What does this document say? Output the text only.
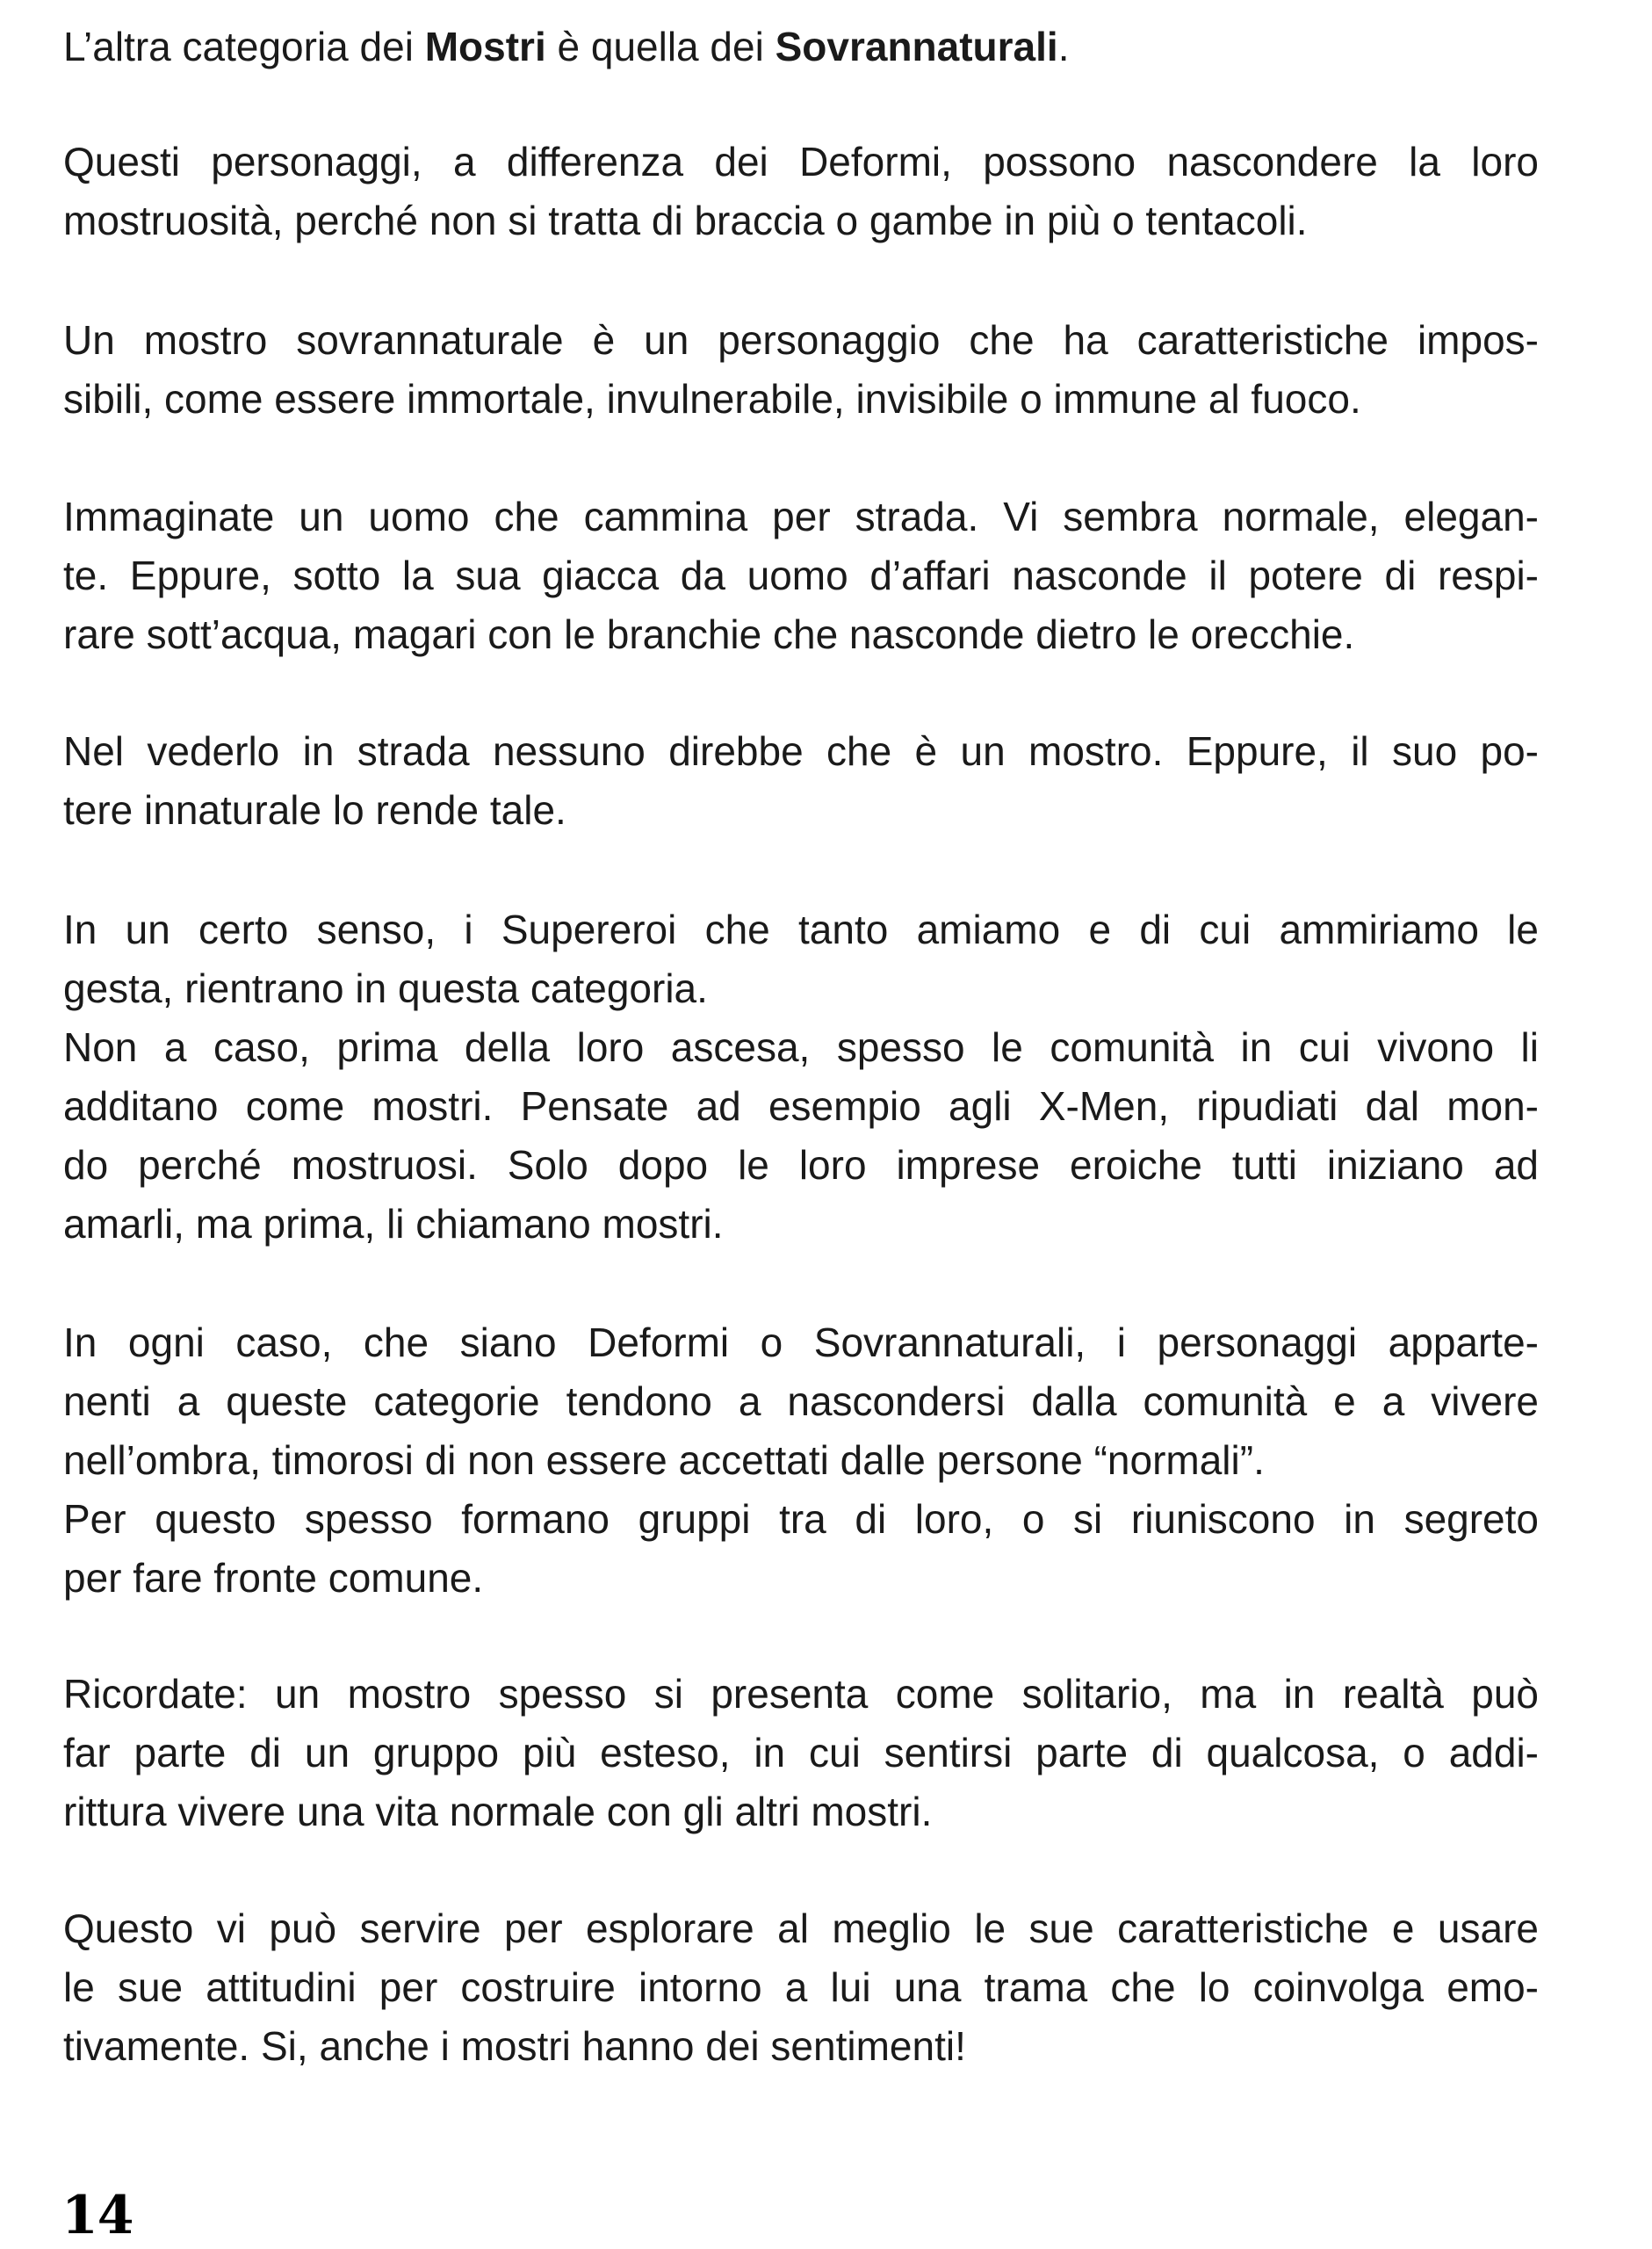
L’altra categoria dei Mostri è quella dei Sovrannaturali.
Questi personaggi, a differenza dei Deformi, possono nascondere la loro
mostruosità, perché non si tratta di braccia o gambe in più o tentacoli.
Un mostro sovrannaturale è un personaggio che ha caratteristiche impos-
sibili, come essere immortale, invulnerabile, invisibile o immune al fuoco.
Immaginate un uomo che cammina per strada. Vi sembra normale, elegan-
te. Eppure, sotto la sua giacca da uomo d’affari nasconde il potere di respi-
rare sott’acqua, magari con le branchie che nasconde dietro le orecchie.
Nel vederlo in strada nessuno direbbe che è un mostro. Eppure, il suo po-
tere innaturale lo rende tale.
In un certo senso, i Supereroi che tanto amiamo e di cui ammiriamo le
gesta, rientrano in questa categoria.
Non a caso, prima della loro ascesa, spesso le comunità in cui vivono li
additano come mostri. Pensate ad esempio agli X-Men, ripudiati dal mon-
do perché mostruosi. Solo dopo le loro imprese eroiche tutti iniziano ad
amarli, ma prima, li chiamano mostri.
In ogni caso, che siano Deformi o Sovrannaturali, i personaggi apparte-
nenti a queste categorie tendono a nascondersi dalla comunità e a vivere
nell’ombra, timorosi di non essere accettati dalle persone “normali”.
Per questo spesso formano gruppi tra di loro, o si riuniscono in segreto
per fare fronte comune.
Ricordate: un mostro spesso si presenta come solitario, ma in realtà può
far parte di un gruppo più esteso, in cui sentirsi parte di qualcosa, o addi-
rittura vivere una vita normale con gli altri mostri.
Questo vi può servire per esplorare al meglio le sue caratteristiche e usare
le sue attitudini per costruire intorno a lui una trama che lo coinvolga emo-
tivamente. Si, anche i mostri hanno dei sentimenti!
14
